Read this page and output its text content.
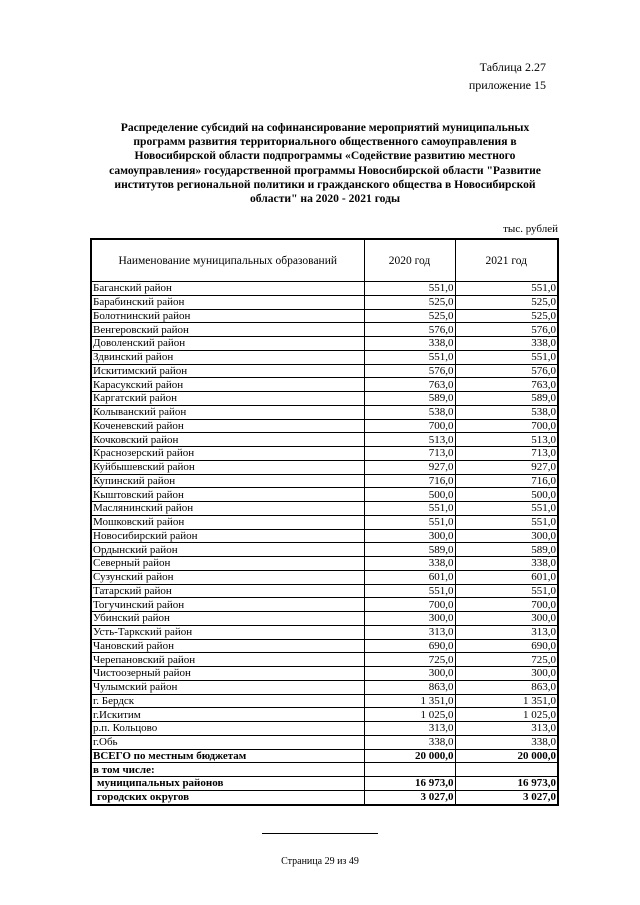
Таблица 2.27
приложение 15
Распределение субсидий на софинансирование мероприятий муниципальных программ развития территориального общественного самоуправления в Новосибирской области подпрограммы «Содействие развитию местного самоуправления» государственной программы Новосибирской области "Развитие институтов региональной политики и гражданского общества в Новосибирской области" на 2020 - 2021 годы
тыс. рублей
Наименование муниципальных образований	2020 год	2021 год
Баганский район	551,0	551,0
Барабинский район	525,0	525,0
Болотнинский район	525,0	525,0
Венгеровский район	576,0	576,0
Доволенский район	338,0	338,0
Здвинский район	551,0	551,0
Искитимский район	576,0	576,0
Карасукский район	763,0	763,0
Каргатский район	589,0	589,0
Колыванский район	538,0	538,0
Коченевский район	700,0	700,0
Кочковский район	513,0	513,0
Краснозерский район	713,0	713,0
Куйбышевский район	927,0	927,0
Купинский район	716,0	716,0
Кыштовский район	500,0	500,0
Маслянинский район	551,0	551,0
Мошковский район	551,0	551,0
Новосибирский район	300,0	300,0
Ордынский район	589,0	589,0
Северный район	338,0	338,0
Сузунский район	601,0	601,0
Татарский район	551,0	551,0
Тогучинский район	700,0	700,0
Убинский район	300,0	300,0
Усть-Таркский район	313,0	313,0
Чановский район	690,0	690,0
Черепановский район	725,0	725,0
Чистоозерный район	300,0	300,0
Чулымский район	863,0	863,0
г. Бердск	1 351,0	1 351,0
г.Искитим	1 025,0	1 025,0
р.п. Кольцово	313,0	313,0
г.Обь	338,0	338,0
ВСЕГО по местным бюджетам	20 000,0	20 000,0
в том числе:		
муниципальных районов	16 973,0	16 973,0
городских округов	3 027,0	3 027,0
Страница 29 из 49
